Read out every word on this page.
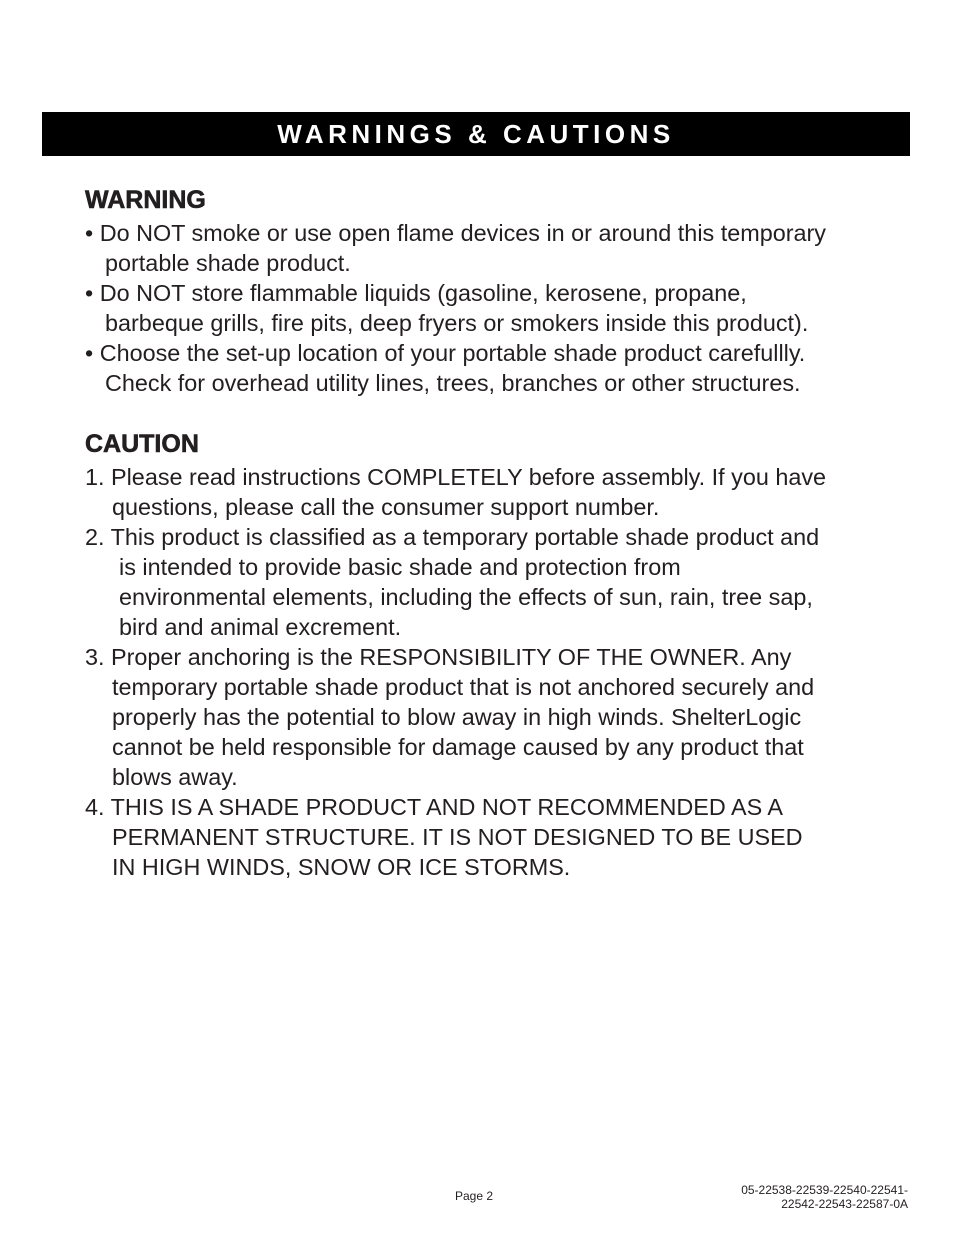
WARNINGS & CAUTIONS
WARNING
• Do NOT smoke or use open flame devices in or around this temporary
portable shade product.
• Do NOT store flammable liquids (gasoline, kerosene, propane,
barbeque grills, fire pits, deep fryers or smokers inside this product).
• Choose the set-up location of your portable shade product carefullly.
Check for overhead utility lines, trees, branches or other structures.
CAUTION
1. Please read instructions COMPLETELY before assembly. If you have
questions, please call the consumer support number.
2. This product is classified as a temporary portable shade product and
is intended to provide basic shade and protection from
environmental elements, including the effects of sun, rain, tree sap,
bird and animal excrement.
3. Proper anchoring is the RESPONSIBILITY OF THE OWNER. Any
temporary portable shade product that is not anchored securely and
properly has the potential to blow away in high winds. ShelterLogic
cannot be held responsible for damage caused by any product that
blows away.
4. THIS IS A SHADE PRODUCT AND NOT RECOMMENDED AS A
PERMANENT STRUCTURE. IT IS NOT DESIGNED TO BE USED
IN HIGH WINDS, SNOW OR ICE STORMS.
Page 2	05-22538-22539-22540-22541-
22542-22543-22587-0A
